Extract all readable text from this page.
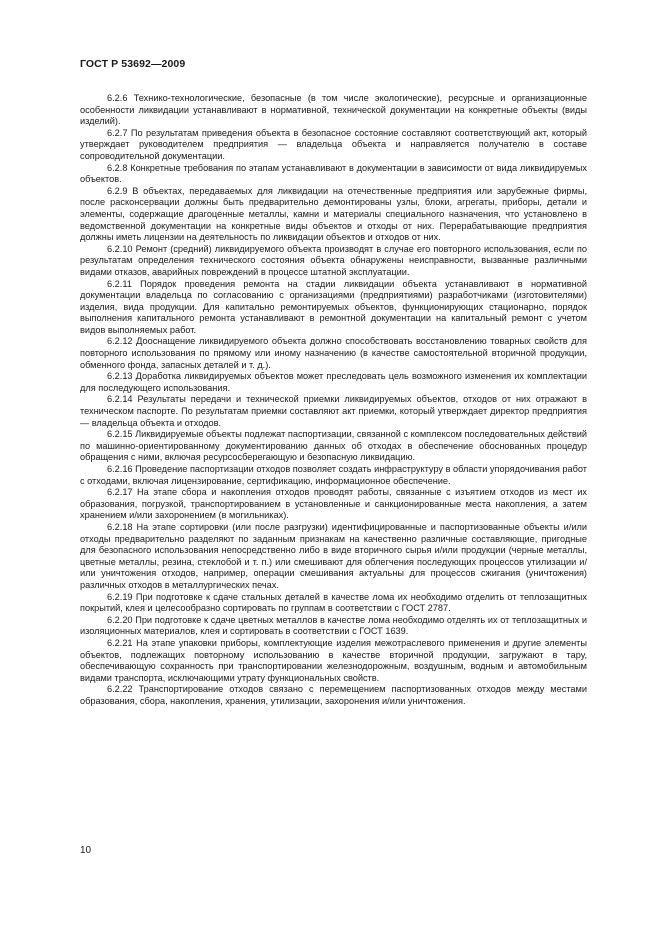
ГОСТ Р 53692—2009

6.2.6 Технико-технологические, безопасные (в том числе экологические), ресурсные и организационные особенности ликвидации устанавливают в нормативной, технической документации на конкретные объекты (виды изделий).

6.2.7 По результатам приведения объекта в безопасное состояние составляют соответствующий акт, который утверждает руководителем предприятия — владельца объекта и направляется получателю в составе сопроводительной документации.

6.2.8 Конкретные требования по этапам устанавливают в документации в зависимости от вида ликвидируемых объектов.

6.2.9 В объектах, передаваемых для ликвидации на отечественные предприятия или зарубежные фирмы, после расконсервации должны быть предварительно демонтированы узлы, блоки, агрегаты, приборы, детали и элементы, содержащие драгоценные металлы, камни и материалы специального назначения, что установлено в ведомственной документации на конкретные виды объектов и отходы от них. Перерабатывающие предприятия должны иметь лицензии на деятельность по ликвидации объектов и отходов от них.

6.2.10 Ремонт (средний) ликвидируемого объекта производят в случае его повторного использования, если по результатам определения технического состояния объекта обнаружены неисправности, вызванные различными видами отказов, аварийных повреждений в процессе штатной эксплуатации.

6.2.11 Порядок проведения ремонта на стадии ликвидации объекта устанавливают в нормативной документации владельца по согласованию с организациями (предприятиями) разработчиками (изготовителями) изделия, вида продукции. Для капитально ремонтируемых объектов, функционирующих стационарно, порядок выполнения капитального ремонта устанавливают в ремонтной документации на капитальный ремонт с учетом видов выполняемых работ.

6.2.12 Дооснащение ликвидируемого объекта должно способствовать восстановлению товарных свойств для повторного использования по прямому или иному назначению (в качестве самостоятельной вторичной продукции, обменного фонда, запасных деталей и т. д.).

6.2.13 Доработка ликвидируемых объектов может преследовать цель возможного изменения их комплектации для последующего использования.

6.2.14 Результаты передачи и технической приемки ликвидируемых объектов, отходов от них отражают в техническом паспорте. По результатам приемки составляют акт приемки, который утверждает директор предприятия — владельца объекта и отходов.

6.2.15 Ликвидируемые объекты подлежат паспортизации, связанной с комплексом последовательных действий по машинно-ориентированному документированию данных об отходах в обеспечение обоснованных процедур обращения с ними, включая ресурсосберегающую и безопасную ликвидацию.

6.2.16 Проведение паспортизации отходов позволяет создать инфраструктуру в области упорядочивания работ с отходами, включая лицензирование, сертификацию, информационное обеспечение.

6.2.17 На этапе сбора и накопления отходов проводят работы, связанные с изъятием отходов из мест их образования, погрузкой, транспортированием в установленные и санкционированные места накопления, а затем хранением и/или захоронением (в могильниках).

6.2.18 На этапе сортировки (или после разгрузки) идентифицированные и паспортизованные объекты и/или отходы предварительно разделяют по заданным признакам на качественно различные составляющие, пригодные для безопасного использования непосредственно либо в виде вторичного сырья и/или продукции (черные металлы, цветные металлы, резина, стеклобой и т. п.) или смешивают для облегчения последующих процессов утилизации и/или уничтожения отходов, например, операции смешивания актуальны для процессов сжигания (уничтожения) различных отходов в металлургических печах.

6.2.19 При подготовке к сдаче стальных деталей в качестве лома их необходимо отделить от теплозащитных покрытий, клея и целесообразно сортировать по группам в соответствии с ГОСТ 2787.

6.2.20 При подготовке к сдаче цветных металлов в качестве лома необходимо отделять их от теплозащитных и изоляционных материалов, клея и сортировать в соответствии с ГОСТ 1639.

6.2.21 На этапе упаковки приборы, комплектующие изделия межотраслевого применения и другие элементы объектов, подлежащих повторному использованию в качестве вторичной продукции, загружают в тару, обеспечивающую сохранность при транспортировании железнодорожным, воздушным, водным и автомобильным видами транспорта, исключающими утрату функциональных свойств.

6.2.22 Транспортирование отходов связано с перемещением паспортизованных отходов между местами образования, сбора, накопления, хранения, утилизации, захоронения и/или уничтожения.

10
